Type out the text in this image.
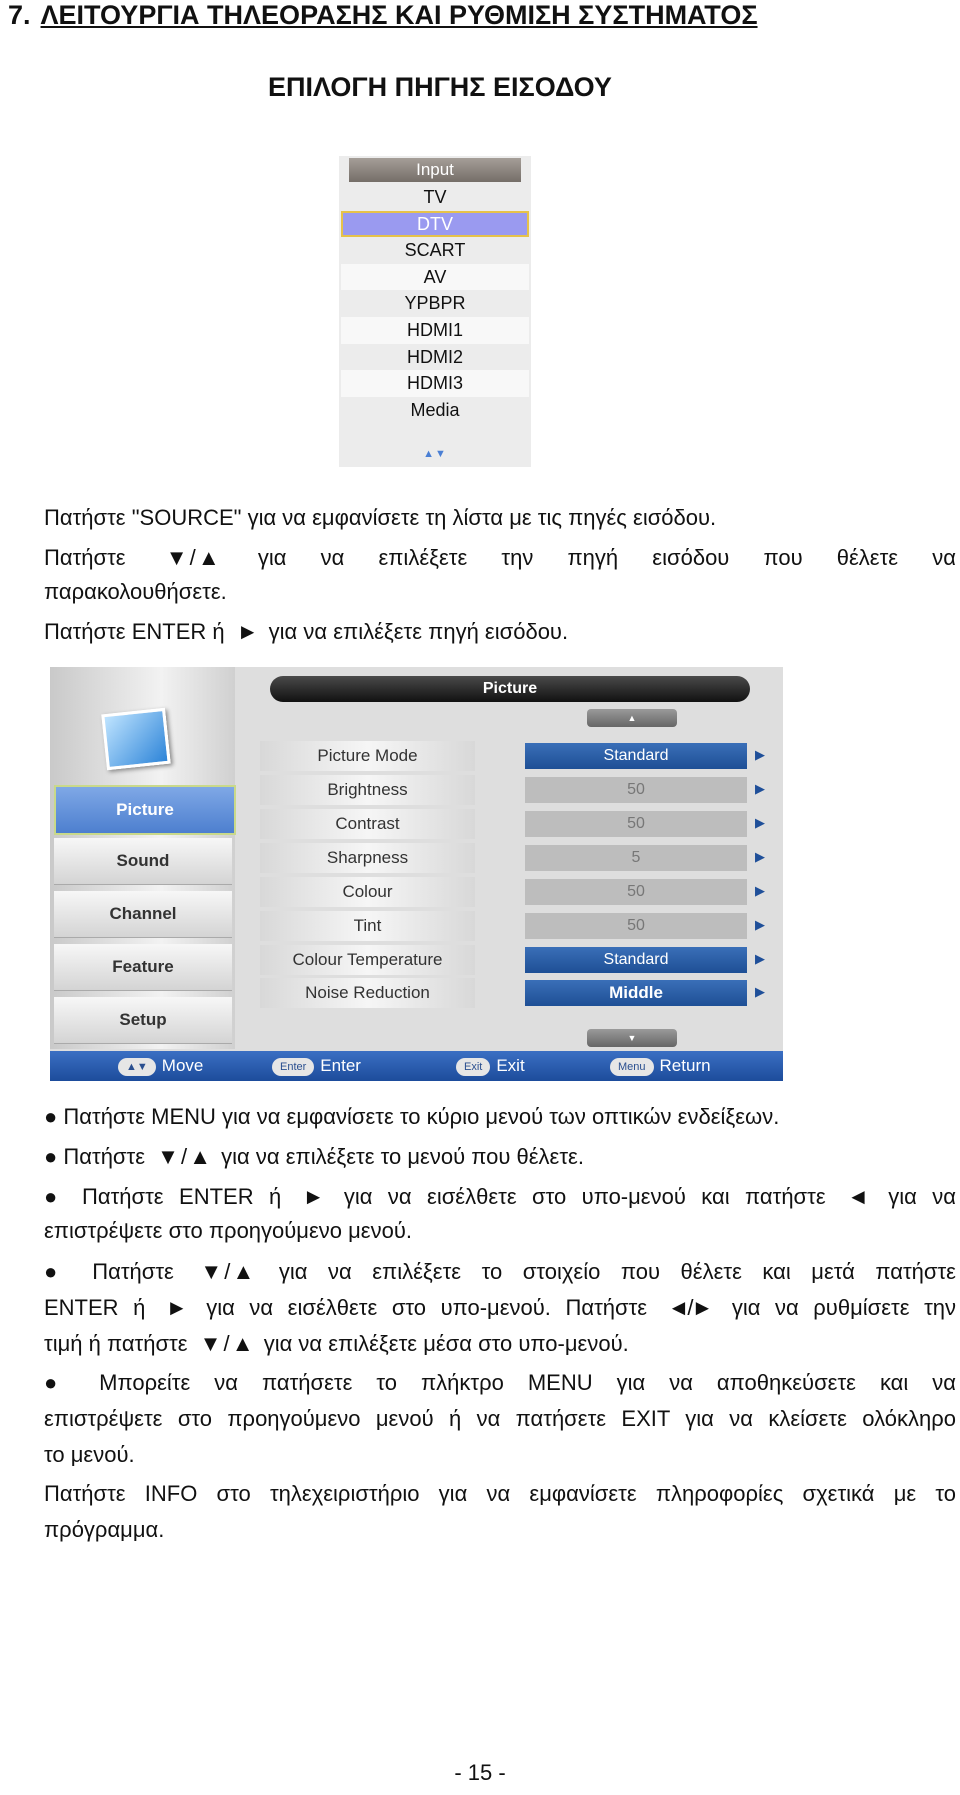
7. ΛΕΙΤΟΥΡΓΙΑ ΤΗΛΕΟΡΑΣΗΣ ΚΑΙ ΡΥΘΜΙΣΗ ΣΥΣΤΗΜΑΤΟΣ
ΕΠΙΛΟΓΗ ΠΗΓΗΣ ΕΙΣΟΔΟΥ
Input
TV
DTV
SCART
AV
YPBPR
HDMI1
HDMI2
HDMI3
Media
▲▼
Πατήστε "SOURCE" για να εμφανίσετε τη λίστα με τις πηγές εισόδου.
Πατήστε ▼ / ▲ για να επιλέξετε την πηγή εισόδου που θέλετε να
παρακολουθήσετε.
Πατήστε ENTER ή ► για να επιλέξετε πηγή εισόδου.
Picture
Sound
Channel
Feature
Setup
Picture
▲
Picture Mode	Standard	▶
Brightness	50	▶
Contrast	50	▶
Sharpness	5	▶
Colour	50	▶
Tint	50	▶
Colour Temperature	Standard	▶
Noise Reduction	Middle	▶
▼
▲▼ Move	Enter Enter	Exit Exit	Menu Return
● Πατήστε MENU για να εμφανίσετε το κύριο μενού των οπτικών ενδείξεων.
● Πατήστε ▼ / ▲ για να επιλέξετε το μενού που θέλετε.
● Πατήστε ENTER ή ► για να εισέλθετε στο υπο-μενού και πατήστε ◄ για να
επιστρέψετε στο προηγούμενο μενού.
● Πατήστε ▼ / ▲ για να επιλέξετε το στοιχείο που θέλετε και μετά πατήστε
ENTER ή ► για να εισέλθετε στο υπο-μενού. Πατήστε ◄/► για να ρυθμίσετε την
τιμή ή πατήστε ▼ / ▲ για να επιλέξετε μέσα στο υπο-μενού.
● Μπορείτε να πατήσετε το πλήκτρο MENU για να αποθηκεύσετε και να
επιστρέψετε στο προηγούμενο μενού ή να πατήσετε EXIT για να κλείσετε ολόκληρο
το μενού.
Πατήστε INFO στο τηλεχειριστήριο για να εμφανίσετε πληροφορίες σχετικά με το
πρόγραμμα.
- 15 -
